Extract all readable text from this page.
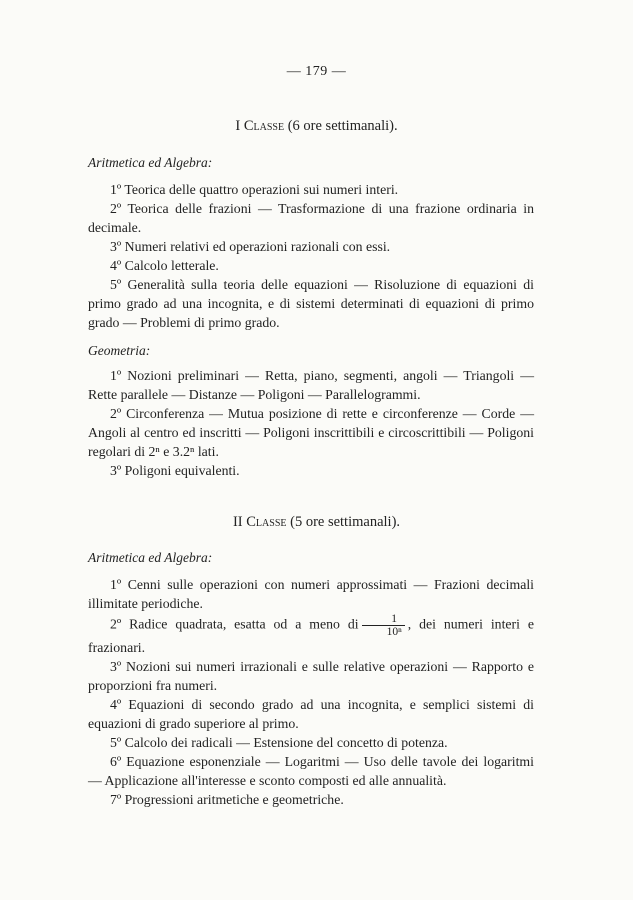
— 179 —
I Classe (6 ore settimanali).
Aritmetica ed Algebra:

1º Teorica delle quattro operazioni sui numeri interi.

2º Teorica delle frazioni — Trasformazione di una frazione ordinaria in decimale.

3º Numeri relativi ed operazioni razionali con essi.

4º Calcolo letterale.

5º Generalità sulla teoria delle equazioni — Risoluzione di equazioni di primo grado ad una incognita, e di sistemi determinati di equazioni di primo grado — Problemi di primo grado.

Geometria:

1º Nozioni preliminari — Retta, piano, segmenti, angoli — Triangoli — Rette parallele — Distanze — Poligoni — Parallelogrammi.

2º Circonferenza — Mutua posizione di rette e circonferenze — Corde — Angoli al centro ed inscritti — Poligoni inscrittibili e circoscrittibili — Poligoni regolari di 2ⁿ e 3.2ⁿ lati.

3º Poligoni equivalenti.

II Classe (5 ore settimanali).
Aritmetica ed Algebra:

1º Cenni sulle operazioni con numeri approssimati — Frazioni decimali illimitate periodiche.

2º Radice quadrata, esatta od a meno di $\frac{1}{\text{10ⁿ}}$ , dei numeri interi e frazionari.

3º Nozioni sui numeri irrazionali e sulle relative operazioni — Rapporto e proporzioni fra numeri.

4º Equazioni di secondo grado ad una incognita, e semplici sistemi di equazioni di grado superiore al primo.

5º Calcolo dei radicali — Estensione del concetto di potenza.

6º Equazione esponenziale — Logaritmi — Uso delle tavole dei logaritmi — Applicazione all'interesse e sconto composti ed alle annualità.

7º Progressioni aritmetiche e geometriche.
